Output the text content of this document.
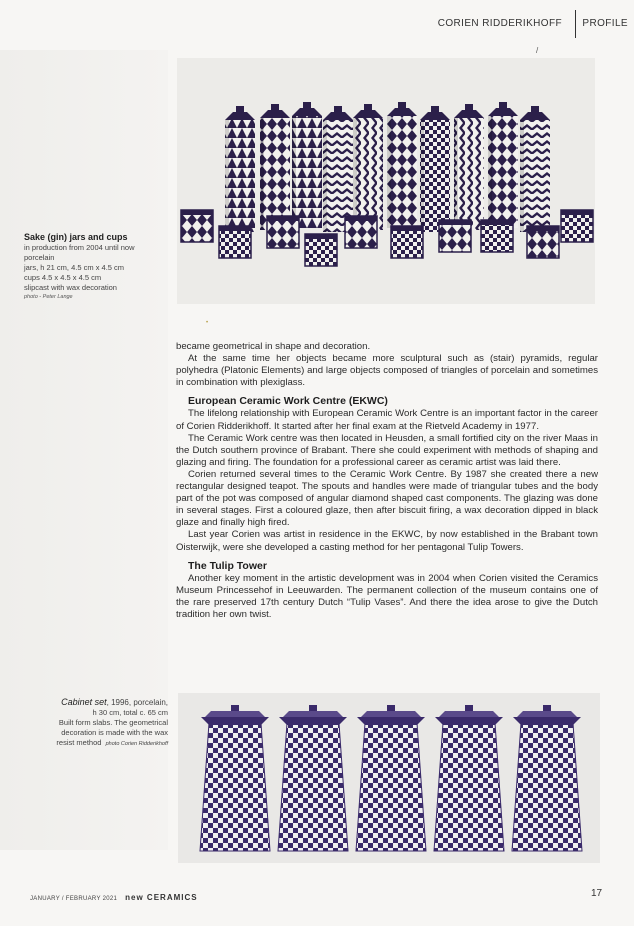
CORIEN RIDDERIKHOFF PROFILE
/
Sake (gin) jars and cups
in production from 2004 until now
porcelain
jars, h 21 cm, 4.5 cm x 4.5 cm
cups 4.5 x 4.5 x 4.5 cm
slipcast with wax decoration
photo - Peter Lange
•

became geometrical in shape and decoration.

At the same time her objects became more sculptural such as (stair) pyramids, regular polyhedra (Platonic Elements) and large objects composed of triangles of porcelain and sometimes in combination with plexiglass.

European Ceramic Work Centre (EKWC)

The lifelong relationship with European Ceramic Work Centre is an important factor in the career of Corien Ridderikhoff. It started after her final exam at the Rietveld Academy in 1977.

The Ceramic Work centre was then located in Heusden, a small fortified city on the river Maas in the Dutch southern province of Brabant. There she could experiment with methods of shaping and glazing and firing. The foundation for a professional career as ceramic artist was laid there.

Corien returned several times to the Ceramic Work Centre. By 1987 she created there a new rectangular designed teapot. The spouts and handles were made of triangular tubes and the body part of the pot was composed of angular diamond shaped cast components. The glazing was done in several stages. First a coloured glaze, then after biscuit firing, a wax decoration dipped in black glaze and finally high fired.

Last year Corien was artist in residence in the EKWC, by now established in the Brabant town Oisterwijk, were she developed a casting method for her pentagonal Tulip Towers.

The Tulip Tower

Another key moment in the artistic development was in 2004 when Corien visited the Ceramics Museum Princessehof in Leeuwarden. The permanent collection of the museum contains one of the rare preserved 17th century Dutch “Tulip Vases”. And there the idea arose to give the Dutch tradition her own twist.

Cabinet set, 1996, porcelain,
h 30 cm, total c. 65 cm
Built form slabs. The geometrical
decoration is made with the wax
resist method photo Corien Ridderikhoff
JANUARY / FEBRUARY 2021 new CERAMICS	17
